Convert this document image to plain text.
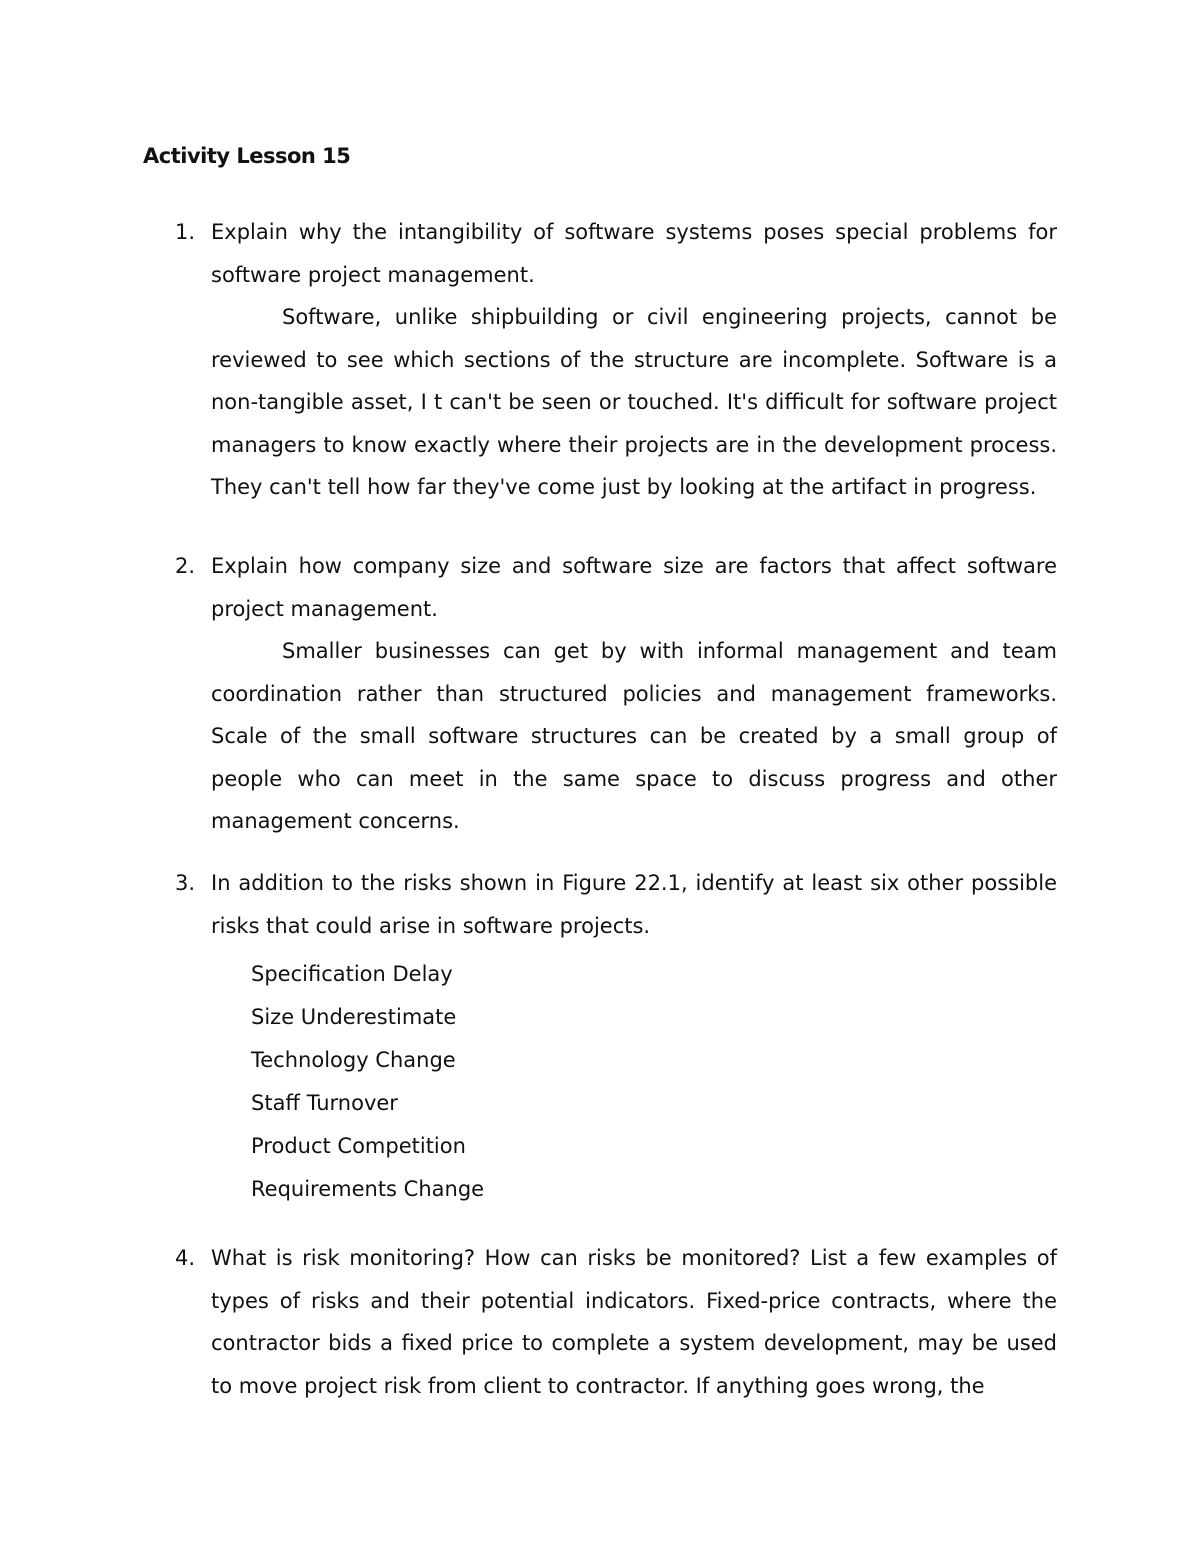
Activity Lesson 15
1. Explain why the intangibility of software systems poses special problems for software project management.
Software, unlike shipbuilding or civil engineering projects, cannot be reviewed to see which sections of the structure are incomplete. Software is a non-tangible asset, I t can't be seen or touched. It's difficult for software project managers to know exactly where their projects are in the development process. They can't tell how far they've come just by looking at the artifact in progress.
2. Explain how company size and software size are factors that affect software project management.
Smaller businesses can get by with informal management and team coordination rather than structured policies and management frameworks. Scale of the small software structures can be created by a small group of people who can meet in the same space to discuss progress and other management concerns.
3. In addition to the risks shown in Figure 22.1, identify at least six other possible risks that could arise in software projects.
Specification Delay
Size Underestimate
Technology Change
Staff Turnover
Product Competition
Requirements Change
4. What is risk monitoring? How can risks be monitored? List a few examples of types of risks and their potential indicators. Fixed-price contracts, where the contractor bids a fixed price to complete a system development, may be used to move project risk from client to contractor. If anything goes wrong, the
